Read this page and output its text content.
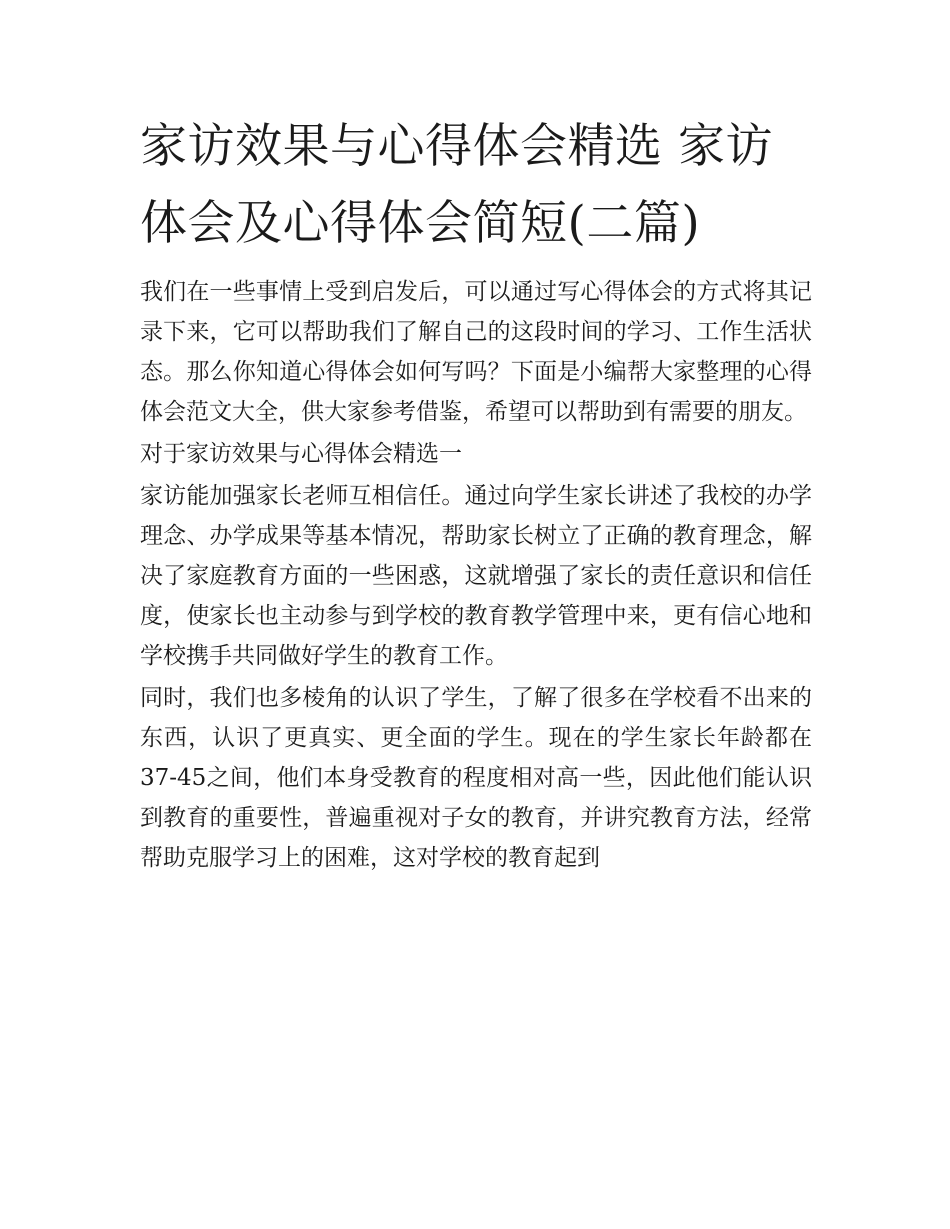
家访效果与心得体会精选 家访体会及心得体会简短(二篇)

我们在一些事情上受到启发后，可以通过写心得体会的方式将其记录下来，它可以帮助我们了解自己的这段时间的学习、工作生活状态。那么你知道心得体会如何写吗？下面是小编帮大家整理的心得体会范文大全，供大家参考借鉴，希望可以帮助到有需要的朋友。

对于家访效果与心得体会精选一

家访能加强家长老师互相信任。通过向学生家长讲述了我校的办学理念、办学成果等基本情况，帮助家长树立了正确的教育理念，解决了家庭教育方面的一些困惑，这就增强了家长的责任意识和信任度，使家长也主动参与到学校的教育教学管理中来，更有信心地和学校携手共同做好学生的教育工作。

同时，我们也多棱角的认识了学生，了解了很多在学校看不出来的东西，认识了更真实、更全面的学生。现在的学生家长年龄都在37-45之间，他们本身受教育的程度相对高一些，因此他们能认识到教育的重要性，普遍重视对子女的教育，并讲究教育方法，经常帮助克服学习上的困难，这对学校的教育起到
